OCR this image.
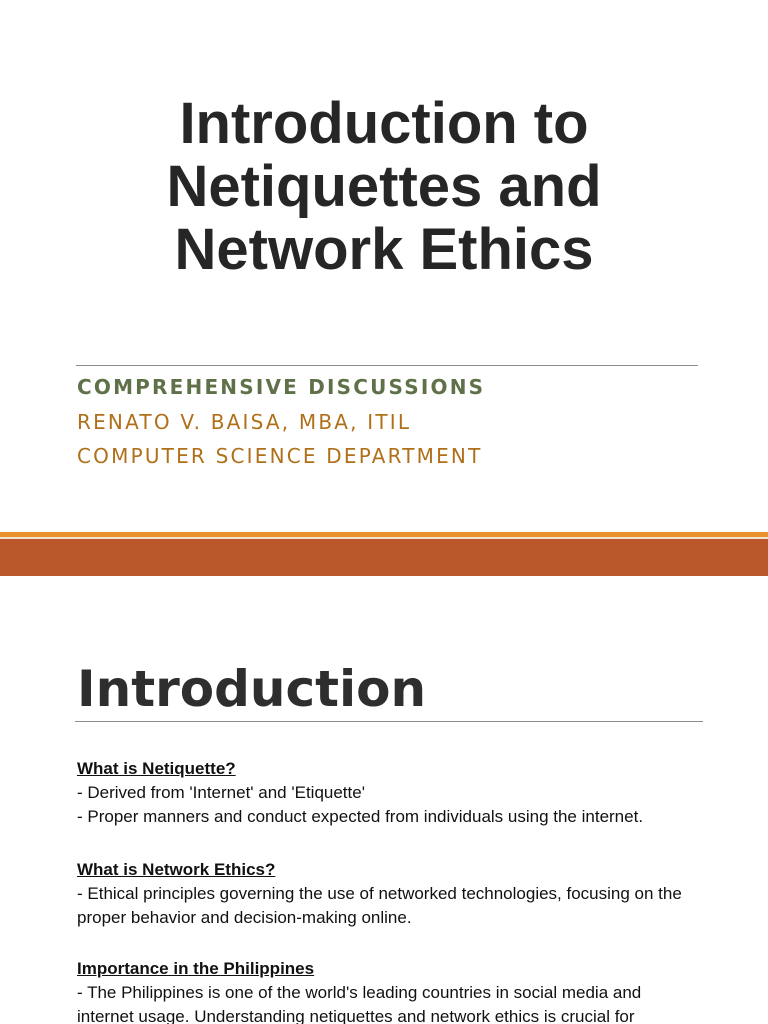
Introduction to
Netiquettes and
Network Ethics
COMPREHENSIVE DISCUSSIONS
RENATO V. BAISA, MBA, ITIL
COMPUTER SCIENCE DEPARTMENT
Introduction
What is Netiquette?
- Derived from 'Internet' and 'Etiquette'
- Proper manners and conduct expected from individuals using the internet.
What is Network Ethics?
- Ethical principles governing the use of networked technologies, focusing on the proper behavior and decision-making online.
Importance in the Philippines
- The Philippines is one of the world's leading countries in social media and internet usage. Understanding netiquettes and network ethics is crucial for
